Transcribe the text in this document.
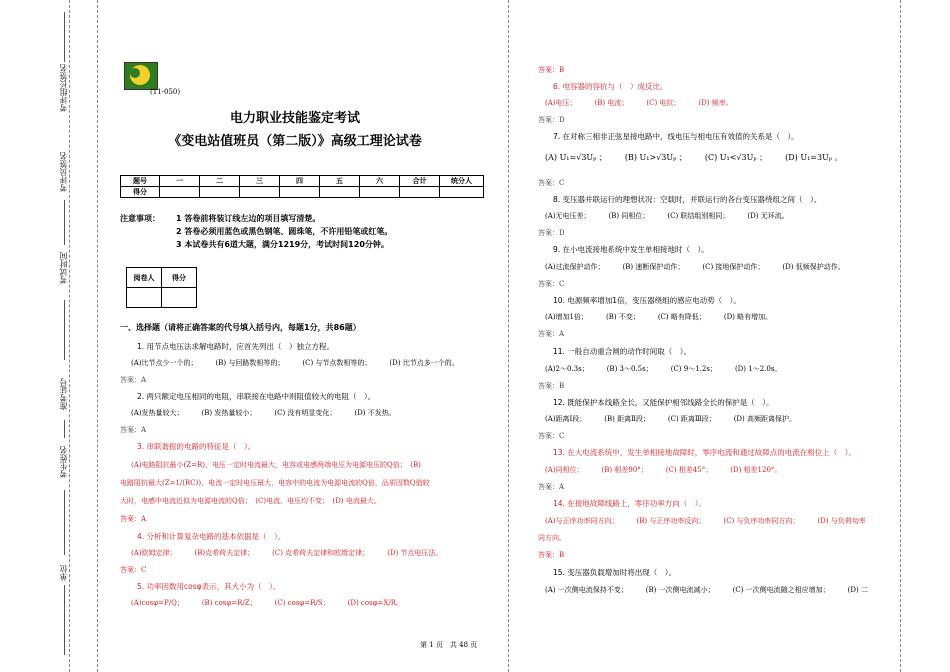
考评组长签名
考评员签名
考试时间
准考证号
考生姓名
单位
(11-050)
电力职业技能鉴定考试
《变电站值班员（第二版）》高级工理论试卷
题号	一	二	三	四	五	六	合计	统分人
得分								
注意事项： 1 答卷前将装订线左边的项目填写清楚。
2 答卷必须用蓝色或黑色钢笔、圆珠笔，不许用铅笔或红笔。
3 本试卷共有6道大题，满分1219分，考试时间120分钟。
阅卷人	得分

一、选择题（请将正确答案的代号填入括号内，每题1分，共86题）
1. 用节点电压法求解电路时，应首先列出（　）独立方程。
(A)比节点少一个的；	(B) 与回路数相等的；	(C) 与节点数相等的；	(D) 比节点多一个的。
答案：A
2. 两只额定电压相同的电阻，串联接在电路中则阻值较大的电阻（　）。
(A)发热量较大；	(B) 发热量较小；	(C) 没有明显变化；	(D) 不发热。
答案：A
3. 串联谐振的电路的特征是（　）。
(A)电路阻抗最小(Z=R)，电压一定时电流最大，电容或电感两端电压为电源电压的Q倍；　(B)
电路阻抗最大(Z=1/(RC))，电流一定时电压最大，电容中的电流为电源电流的Q倍，品质因数Q值较
大时，电感中电流近似为电源电流的Q倍；　(C)电流、电压均不变；　(D) 电流最大。
答案：A
4. 分析和计算复杂电路的基本依据是（　）。
(A)欧姆定律；	(B)克希荷夫定律；	(C) 克希荷夫定律和欧姆定律；	(D) 节点电压法。
答案：C
5. 功率因数用cosφ表示，其大小为（　）。
(A)cosφ=P/Q；	(B) cosφ=R/Z；	(C) cosφ=R/S；	(D) cosφ=X/R。
答案：B
6. 电容器的容抗与（　）成反比。
(A)电压；	(B) 电流；	(C) 电抗；	(D) 频率。
答案：D
7. 在对称三相非正弦星接电路中，线电压与相电压有效值的关系是（　）。
(A) U₁=√3Uₚ ； (B) U₁>√3Uₚ ； (C) U₁<√3Uₚ ； (D) U₁=3Uₚ 。
答案：C
8. 变压器并联运行的理想状况：空载时，并联运行的各台变压器绕组之间（　）。
(A)无电压差；	(B) 同相位；	(C) 联结组别相同；	(D) 无环流。
答案：D
9. 在小电流接地系统中发生单相接地时（　）。
(A)过流保护动作；	(B) 速断保护动作；	(C) 接地保护动作；	(D) 低频保护动作。
答案：C
10. 电源频率增加1倍，变压器绕组的感应电动势（　）。
(A)增加1倍；	(B) 不变；	(C) 略有降低；	(D) 略有增加。
答案：A
11. 一般自动重合闸的动作时间取（　）。
(A)2～0.3s；	(B) 3～0.5s；	(C) 9～1.2s；	(D) 1～2.0s。
答案：B
12. 既能保护本线路全长，又能保护相邻线路全长的保护是（　）。
(A)距离Ⅰ段；	(B) 距离Ⅱ段；	(C) 距离Ⅲ段；	(D) 高频距离保护。
答案：C
13. 在大电流系统中，发生单相接地故障时，零序电流和通过故障点的电流在相位上（　）。
(A)同相位；	(B) 相差90°；	(C) 相差45°；	(D) 相差120°。
答案：A
14. 在接地故障线路上，零序功率方向（　）。
(A)与正序功率同方向；	(B) 与正序功率反向；	(C) 与负序功率同方向；	(D) 与负荷功率
同方向。
答案：B
15. 变压器负载增加时将出现（　）。
(A) 一次侧电流保持不变；	(B) 一次侧电流减小；	(C) 一次侧电流随之相应增加；	(D) 二
第 1 页　共 48 页
